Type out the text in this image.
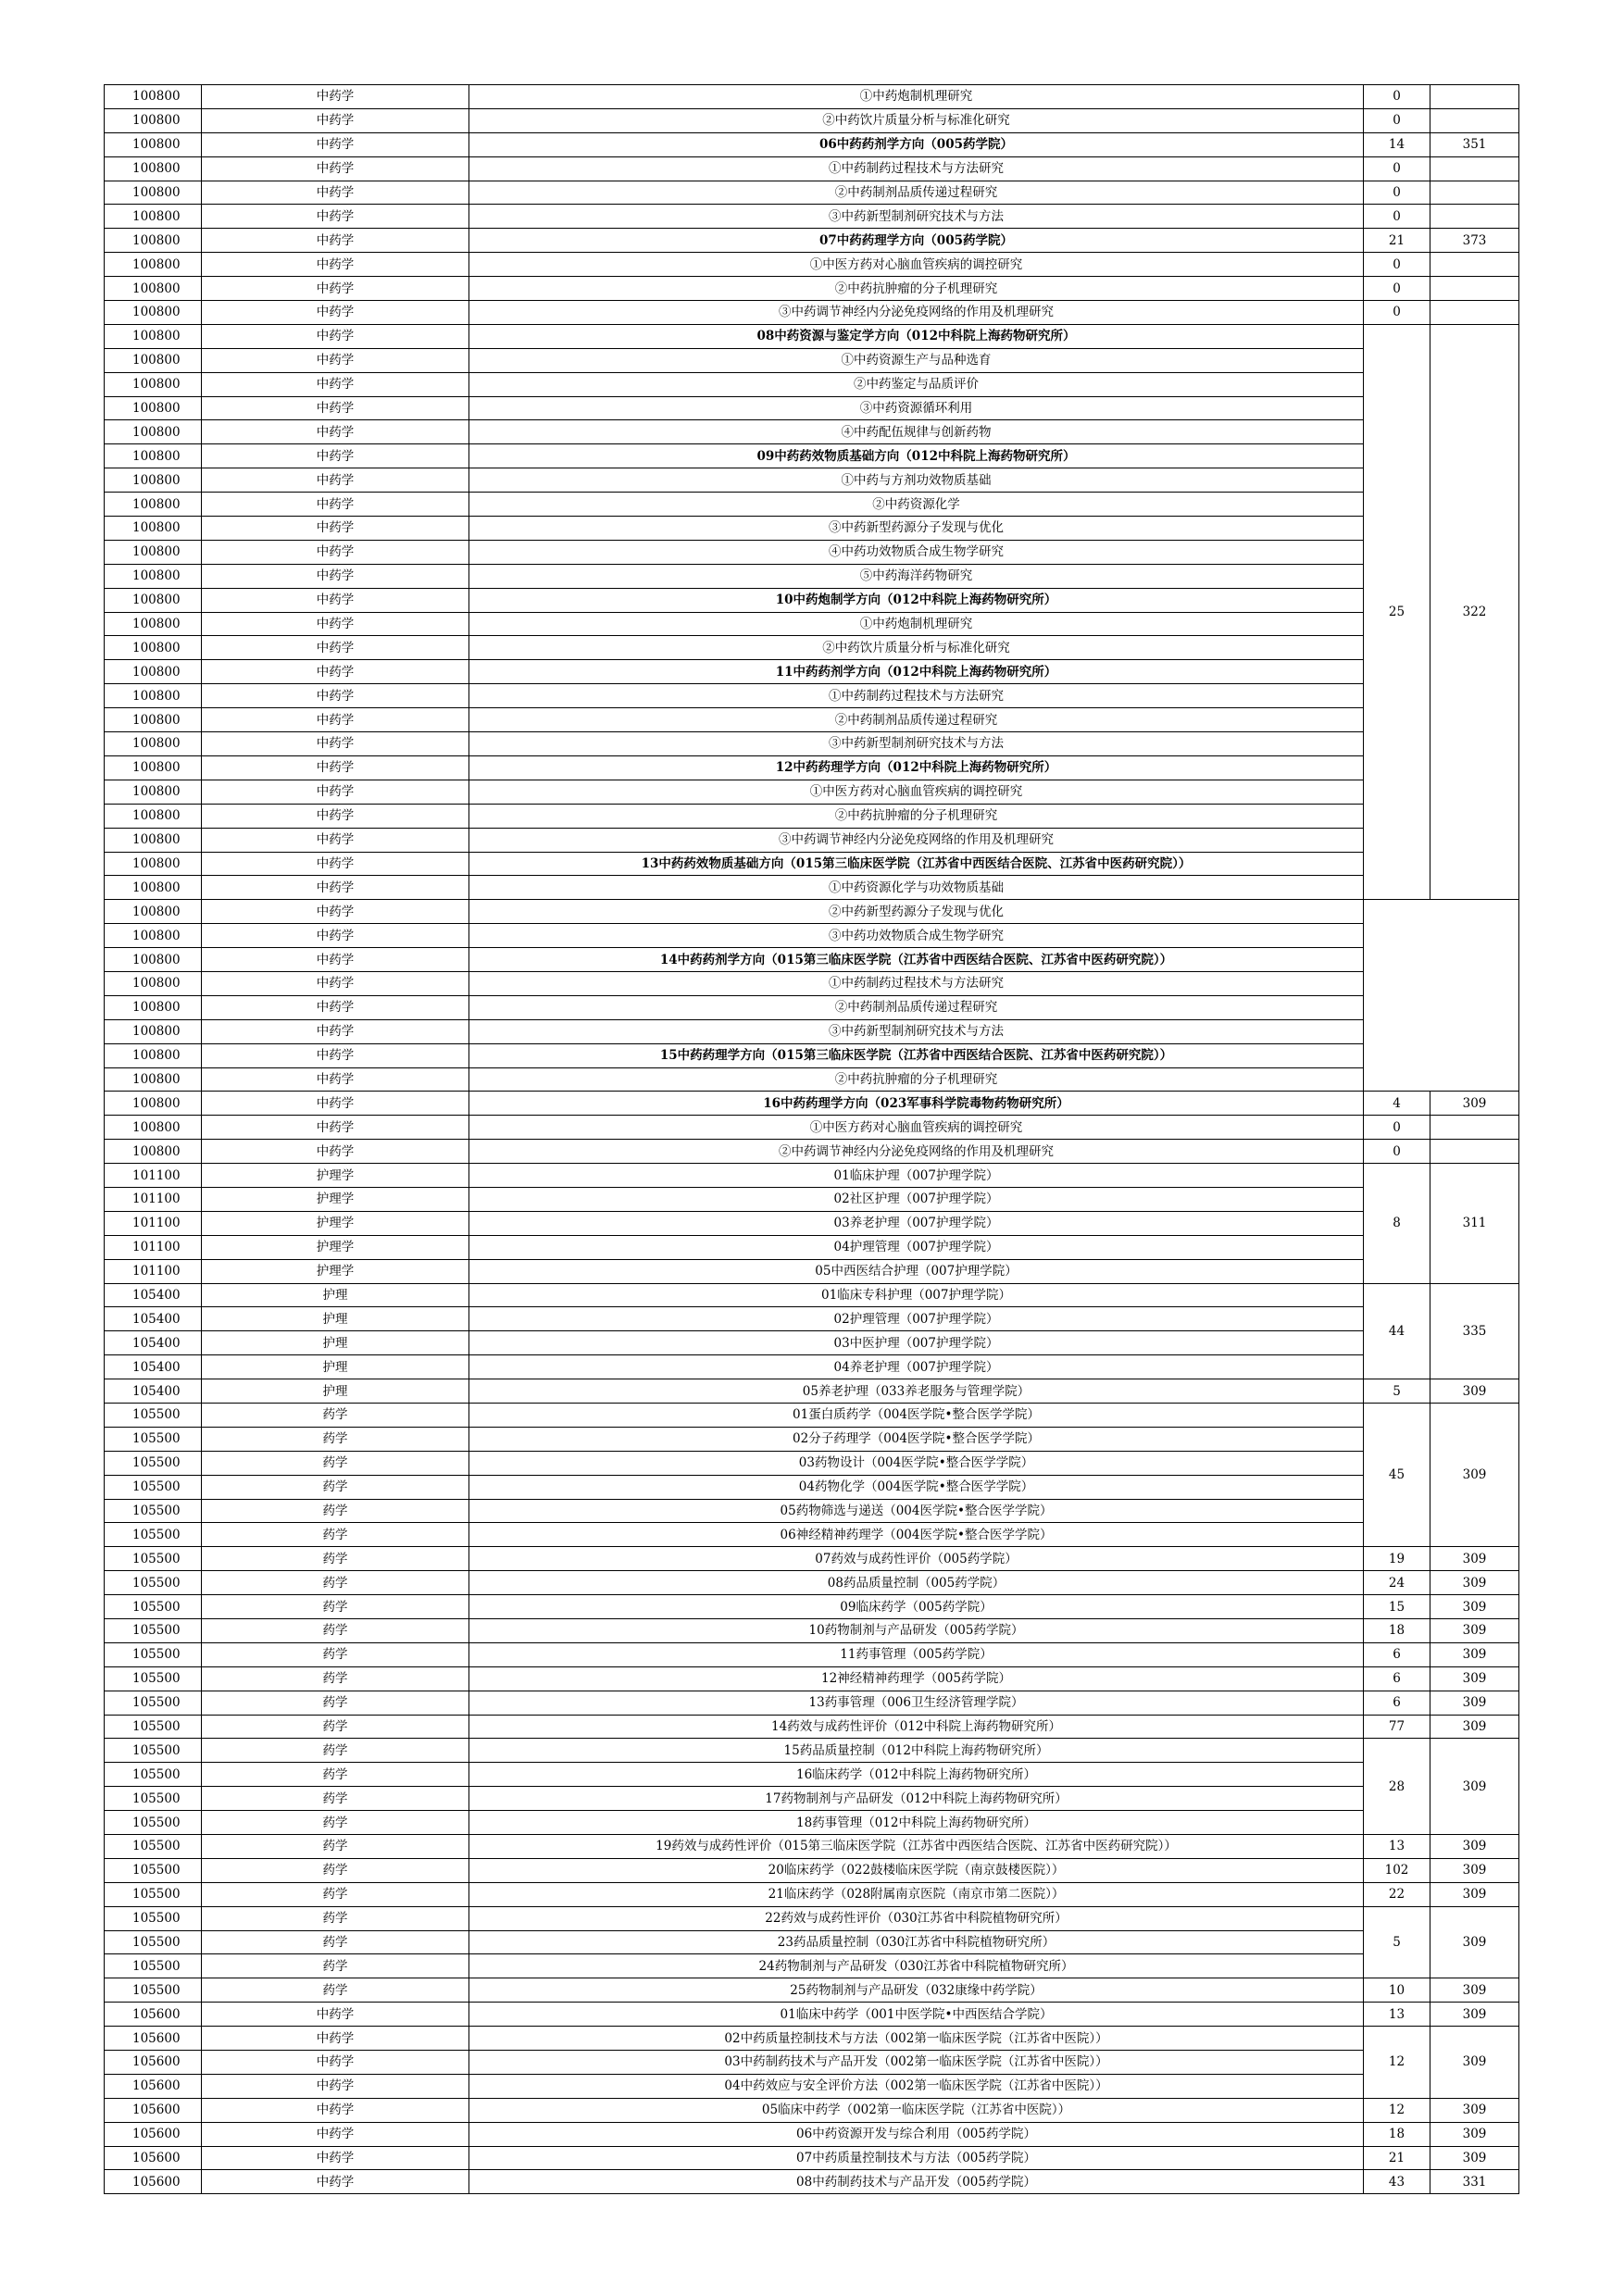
100800	中药学	①中药炮制机理研究	0		
100800	中药学	②中药饮片质量分析与标准化研究	0		
100800	中药学	06中药药剂学方向（005药学院）	14	351	
100800	中药学	①中药制药过程技术与方法研究	0		
100800	中药学	②中药制剂品质传递过程研究	0		
100800	中药学	③中药新型制剂研究技术与方法	0		
100800	中药学	07中药药理学方向（005药学院）	21	373	
100800	中药学	①中医方药对心脑血管疾病的调控研究	0		
100800	中药学	②中药抗肿瘤的分子机理研究	0		
100800	中药学	③中药调节神经内分泌免疫网络的作用及机理研究	0		
100800	中药学	08中药资源与鉴定学方向（012中科院上海药物研究所）	25	322	
100800	中药学	①中药资源生产与品种选育			
100800	中药学	②中药鉴定与品质评价			
100800	中药学	③中药资源循环利用			
100800	中药学	④中药配伍规律与创新药物			
100800	中药学	09中药药效物质基础方向（012中科院上海药物研究所）			
100800	中药学	①中药与方剂功效物质基础			
100800	中药学	②中药资源化学			
100800	中药学	③中药新型药源分子发现与优化			
100800	中药学	④中药功效物质合成生物学研究			
100800	中药学	⑤中药海洋药物研究			
100800	中药学	10中药炮制学方向（012中科院上海药物研究所）			
100800	中药学	①中药炮制机理研究			
100800	中药学	②中药饮片质量分析与标准化研究			
100800	中药学	11中药药剂学方向（012中科院上海药物研究所）			
100800	中药学	①中药制药过程技术与方法研究			
100800	中药学	②中药制剂品质传递过程研究			
100800	中药学	③中药新型制剂研究技术与方法			
100800	中药学	12中药药理学方向（012中科院上海药物研究所）			
100800	中药学	①中医方药对心脑血管疾病的调控研究			
100800	中药学	②中药抗肿瘤的分子机理研究			
100800	中药学	③中药调节神经内分泌免疫网络的作用及机理研究			
100800	中药学	13中药药效物质基础方向（015第三临床医学院（江苏省中西医结合医院、江苏省中医药研究院））		
100800	中药学	①中药资源化学与功效物质基础			
100800	中药学	②中药新型药源分子发现与优化			
100800	中药学	③中药功效物质合成生物学研究			
100800	中药学	14中药药剂学方向（015第三临床医学院（江苏省中西医结合医院、江苏省中医药研究院））			
100800	中药学	①中药制药过程技术与方法研究			
100800	中药学	②中药制剂品质传递过程研究			
100800	中药学	③中药新型制剂研究技术与方法			
100800	中药学	15中药药理学方向（015第三临床医学院（江苏省中西医结合医院、江苏省中医药研究院））			
100800	中药学	②中药抗肿瘤的分子机理研究			
100800	中药学	16中药药理学方向（023军事科学院毒物药物研究所）	4	309	
100800	中药学	①中医方药对心脑血管疾病的调控研究	0		
100800	中药学	②中药调节神经内分泌免疫网络的作用及机理研究	0		
101100	护理学	01临床护理（007护理学院）	8	311	
101100	护理学	02社区护理（007护理学院）			
101100	护理学	03养老护理（007护理学院）			
101100	护理学	04护理管理（007护理学院）			
101100	护理学	05中西医结合护理（007护理学院）			
105400	护理	01临床专科护理（007护理学院）	44	335	
105400	护理	02护理管理（007护理学院）			
105400	护理	03中医护理（007护理学院）			
105400	护理	04养老护理（007护理学院）			
105400	护理	05养老护理（033养老服务与管理学院）	5	309	
105500	药学	01蛋白质药学（004医学院•整合医学学院）	45	309	
105500	药学	02分子药理学（004医学院•整合医学学院）			
105500	药学	03药物设计（004医学院•整合医学学院）			
105500	药学	04药物化学（004医学院•整合医学学院）			
105500	药学	05药物筛选与递送（004医学院•整合医学学院）			
105500	药学	06神经精神药理学（004医学院•整合医学学院）			
105500	药学	07药效与成药性评价（005药学院）	19	309	
105500	药学	08药品质量控制（005药学院）	24	309	
105500	药学	09临床药学（005药学院）	15	309	
105500	药学	10药物制剂与产品研发（005药学院）	18	309	
105500	药学	11药事管理（005药学院）	6	309	
105500	药学	12神经精神药理学（005药学院）	6	309	
105500	药学	13药事管理（006卫生经济管理学院）	6	309	
105500	药学	14药效与成药性评价（012中科院上海药物研究所）	77	309	
105500	药学	15药品质量控制（012中科院上海药物研究所）	28	309	
105500	药学	16临床药学（012中科院上海药物研究所）			
105500	药学	17药物制剂与产品研发（012中科院上海药物研究所）			
105500	药学	18药事管理（012中科院上海药物研究所）			
105500	药学	19药效与成药性评价（015第三临床医学院（江苏省中西医结合医院、江苏省中医药研究院））	13	309	
105500	药学	20临床药学（022鼓楼临床医学院（南京鼓楼医院））	102	309	
105500	药学	21临床药学（028附属南京医院（南京市第二医院））	22	309	
105500	药学	22药效与成药性评价（030江苏省中科院植物研究所）	5	309	
105500	药学	23药品质量控制（030江苏省中科院植物研究所）			
105500	药学	24药物制剂与产品研发（030江苏省中科院植物研究所）			
105500	药学	25药物制剂与产品研发（032康缘中药学院）	10	309	
105600	中药学	01临床中药学（001中医学院•中西医结合学院）	13	309	
105600	中药学	02中药质量控制技术与方法（002第一临床医学院（江苏省中医院））	12	309	
105600	中药学	03中药制药技术与产品开发（002第一临床医学院（江苏省中医院））			
105600	中药学	04中药效应与安全评价方法（002第一临床医学院（江苏省中医院））			
105600	中药学	05临床中药学（002第一临床医学院（江苏省中医院））	12	309	
105600	中药学	06中药资源开发与综合利用（005药学院）	18	309	
105600	中药学	07中药质量控制技术与方法（005药学院）	21	309	
105600	中药学	08中药制药技术与产品开发（005药学院）	43	331	
